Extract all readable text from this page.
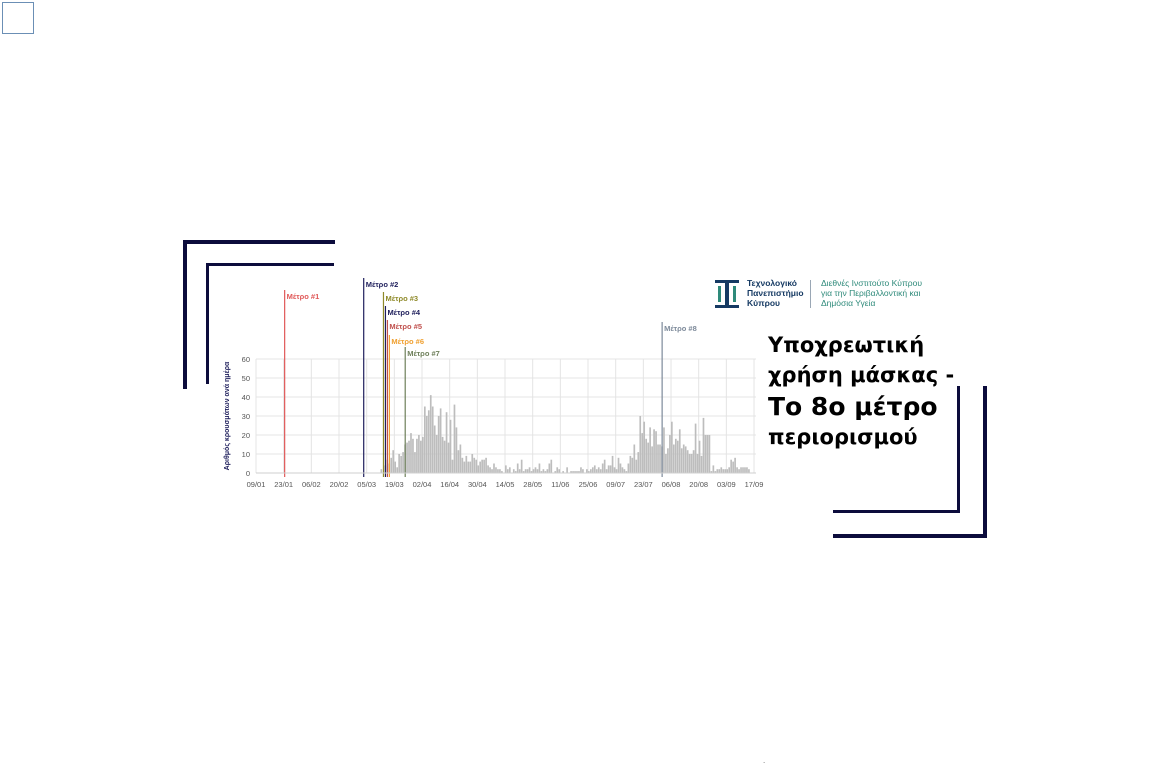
Μέτρο #1
Μέτρο #2
Μέτρο #3
Μέτρο #4
Μέτρο #5
Μέτρο #6
Μέτρο #7
Μέτρο #8
0
10
20
30
40
50
60
09/01 23/01 06/02 20/02 05/03 19/03 02/04 16/04 30/04 14/05 28/05 11/06 25/06 09/07 23/07 06/08 20/08 03/09 17/09
Αριθμός κρουσμάτων ανά ημέρα
Τεχνολογικό
Πανεπιστήμιο
Κύπρου
Διεθνές Ινστιτούτο Κύπρου
για την Περιβαλλοντική και
Δημόσια Υγεία
Υποχρεωτική
χρήση μάσκας -
Το 8ο μέτρο
περιορισμού
.
